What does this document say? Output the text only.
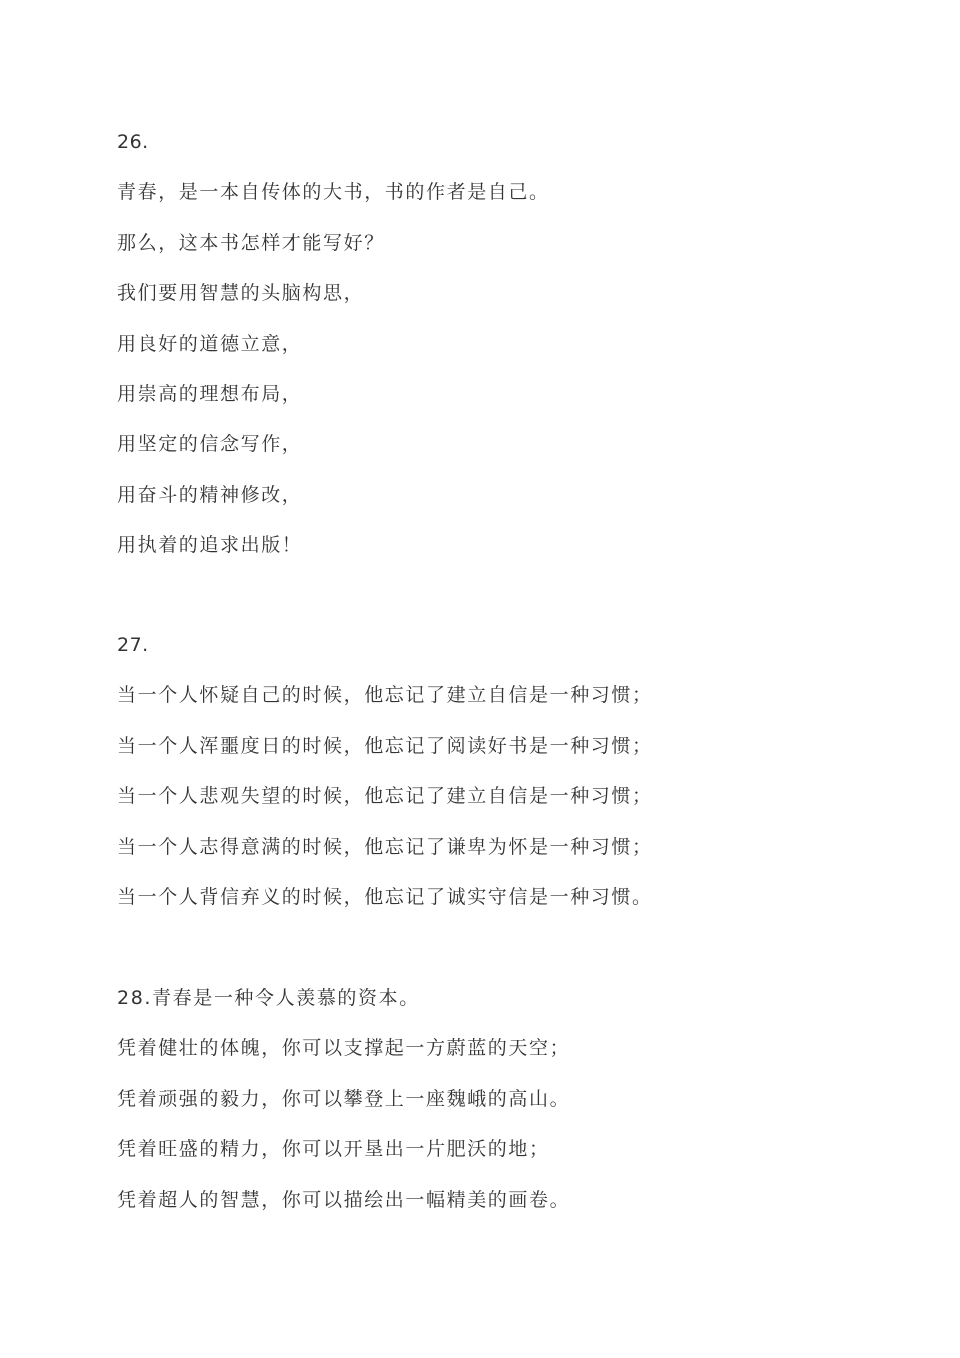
26.
青春，是一本自传体的大书，书的作者是自己。
那么，这本书怎样才能写好？
我们要用智慧的头脑构思，
用良好的道德立意，
用崇高的理想布局，
用坚定的信念写作，
用奋斗的精神修改，
用执着的追求出版！
27.
当一个人怀疑自己的时候，他忘记了建立自信是一种习惯；
当一个人浑噩度日的时候，他忘记了阅读好书是一种习惯；
当一个人悲观失望的时候，他忘记了建立自信是一种习惯；
当一个人志得意满的时候，他忘记了谦卑为怀是一种习惯；
当一个人背信弃义的时候，他忘记了诚实守信是一种习惯。
28.青春是一种令人羡慕的资本。
凭着健壮的体魄，你可以支撑起一方蔚蓝的天空；
凭着顽强的毅力，你可以攀登上一座魏峨的高山。
凭着旺盛的精力，你可以开垦出一片肥沃的地；
凭着超人的智慧，你可以描绘出一幅精美的画卷。
